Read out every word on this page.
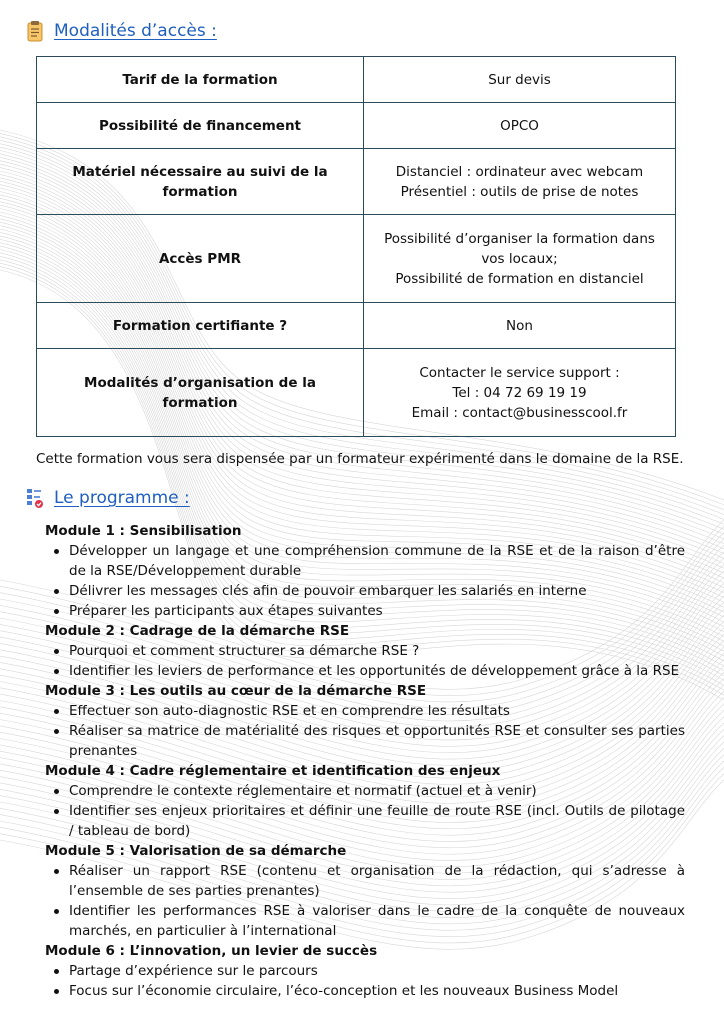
Modalités d’accès :
Tarif de la formation	Sur devis
Possibilité de financement	OPCO
Matériel nécessaire au suivi de la
formation	Distanciel : ordinateur avec webcam
Présentiel : outils de prise de notes
Accès PMR	Possibilité d’organiser la formation dans
vos locaux;
Possibilité de formation en distanciel
Formation certifiante ?	Non
Modalités d’organisation de la formation	Contacter le service support :
Tel : 04 72 69 19 19
Email : contact@businesscool.fr
Cette formation vous sera dispensée par un formateur expérimenté dans le domaine de la RSE.
Le programme :
Module 1 : Sensibilisation
Développer un langage et une compréhension commune de la RSE et de la raison d’être de la RSE/Développement durable
Délivrer les messages clés afin de pouvoir embarquer les salariés en interne
Préparer les participants aux étapes suivantes
Module 2 : Cadrage de la démarche RSE
Pourquoi et comment structurer sa démarche RSE ?
Identifier les leviers de performance et les opportunités de développement grâce à la RSE
Module 3 : Les outils au cœur de la démarche RSE
Effectuer son auto-diagnostic RSE et en comprendre les résultats
Réaliser sa matrice de matérialité des risques et opportunités RSE et consulter ses parties prenantes
Module 4 : Cadre réglementaire et identification des enjeux
Comprendre le contexte réglementaire et normatif (actuel et à venir)
Identifier ses enjeux prioritaires et définir une feuille de route RSE (incl. Outils de pilotage / tableau de bord)
Module 5 : Valorisation de sa démarche
Réaliser un rapport RSE (contenu et organisation de la rédaction, qui s’adresse à l’ensemble de ses parties prenantes)
Identifier les performances RSE à valoriser dans le cadre de la conquête de nouveaux marchés, en particulier à l’international
Module 6 : L’innovation, un levier de succès
Partage d’expérience sur le parcours
Focus sur l’économie circulaire, l’éco-conception et les nouveaux Business Model
